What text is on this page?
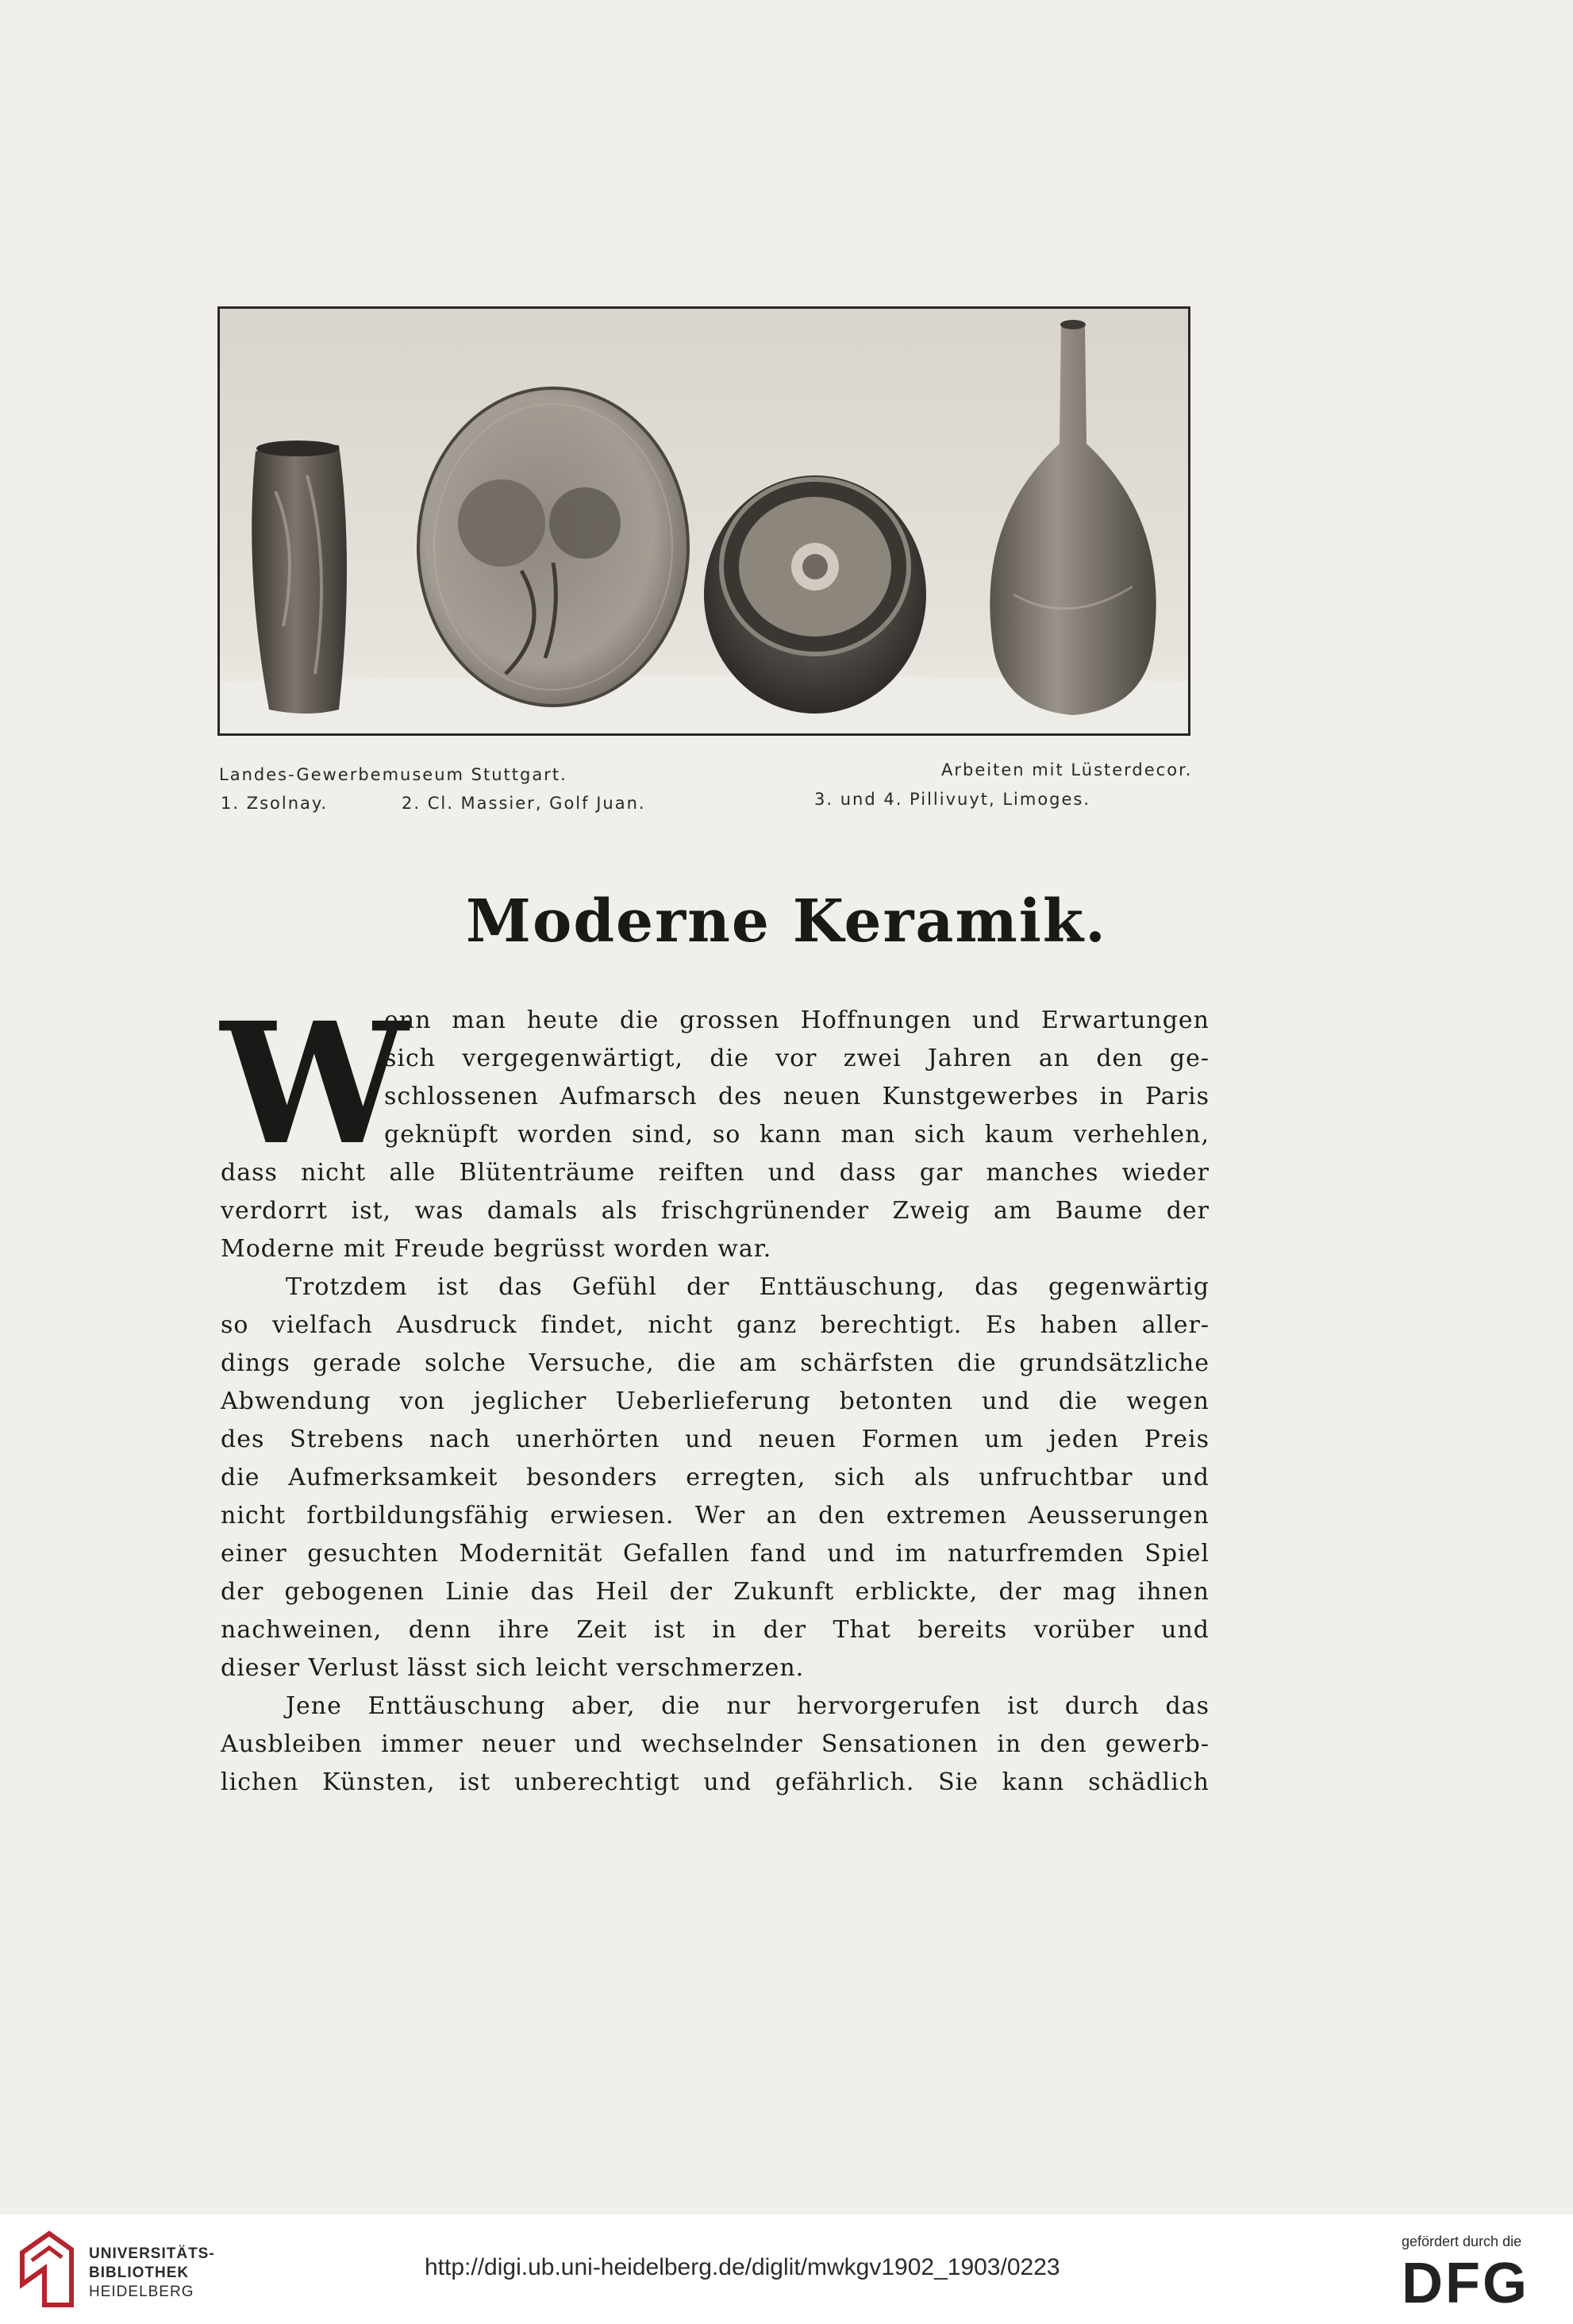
Landes-Gewerbemuseum Stuttgart.
1. Zsolnay.	2. Cl. Massier, Golf Juan.
Arbeiten mit Lüsterdecor.
3. und 4. Pillivuyt, Limoges.
Moderne Keramik.
W
enn man heute die grossen Hoffnungen und Erwartungen
sich vergegenwärtigt, die vor zwei Jahren an den ge-
schlossenen Aufmarsch des neuen Kunstgewerbes in Paris
geknüpft worden sind, so kann man sich kaum verhehlen,
dass nicht alle Blütenträume reiften und dass gar manches wieder
verdorrt ist, was damals als frischgrünender Zweig am Baume der
Moderne mit Freude begrüsst worden war.
Trotzdem ist das Gefühl der Enttäuschung, das gegenwärtig
so vielfach Ausdruck findet, nicht ganz berechtigt. Es haben aller-
dings gerade solche Versuche, die am schärfsten die grundsätzliche
Abwendung von jeglicher Ueberlieferung betonten und die wegen
des Strebens nach unerhörten und neuen Formen um jeden Preis
die Aufmerksamkeit besonders erregten, sich als unfruchtbar und
nicht fortbildungsfähig erwiesen. Wer an den extremen Aeusserungen
einer gesuchten Modernität Gefallen fand und im naturfremden Spiel
der gebogenen Linie das Heil der Zukunft erblickte, der mag ihnen
nachweinen, denn ihre Zeit ist in der That bereits vorüber und
dieser Verlust lässt sich leicht verschmerzen.
Jene Enttäuschung aber, die nur hervorgerufen ist durch das
Ausbleiben immer neuer und wechselnder Sensationen in den gewerb-
lichen Künsten, ist unberechtigt und gefährlich. Sie kann schädlich
UNIVERSITÄTS-
BIBLIOTHEK
HEIDELBERG
http://digi.ub.uni-heidelberg.de/diglit/mwkgv1902_1903/0223
gefördert durch die
DFG
